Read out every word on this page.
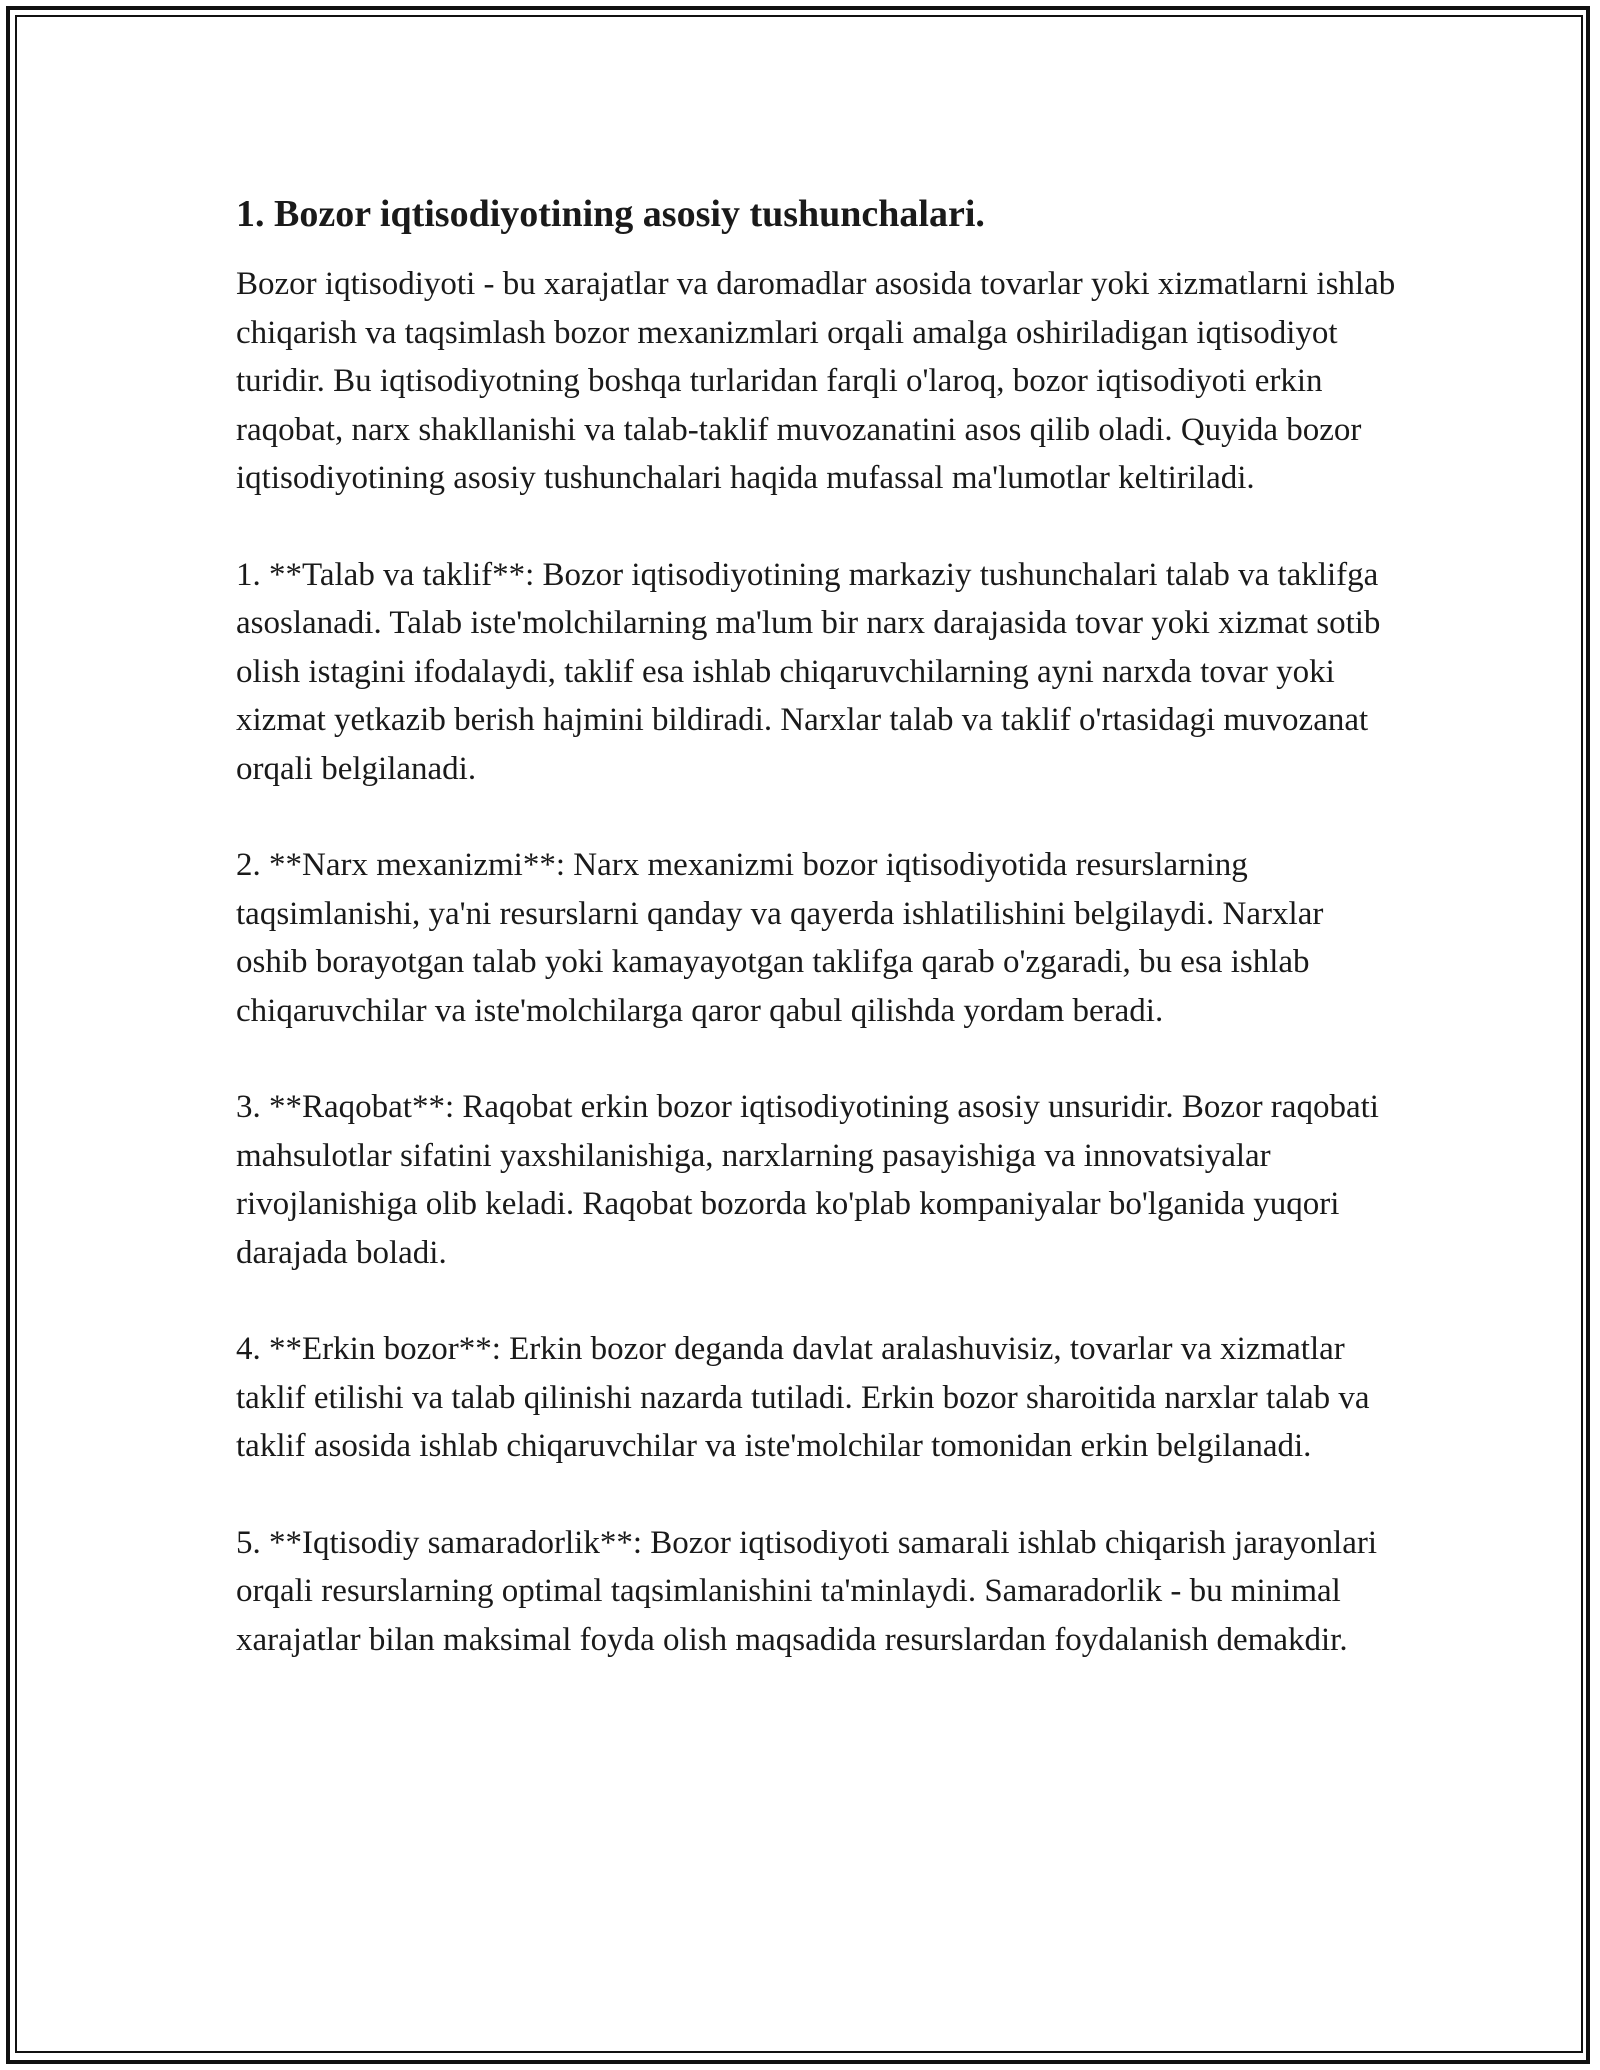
1. Bozor iqtisodiyotining asosiy tushunchalari.

Bozor iqtisodiyoti - bu xarajatlar va daromadlar asosida tovarlar yoki xizmatlarni ishlab chiqarish va taqsimlash bozor mexanizmlari orqali amalga oshiriladigan iqtisodiyot turidir. Bu iqtisodiyotning boshqa turlaridan farqli o'laroq, bozor iqtisodiyoti erkin raqobat, narx shakllanishi va talab-taklif muvozanatini asos qilib oladi. Quyida bozor iqtisodiyotining asosiy tushunchalari haqida mufassal ma'lumotlar keltiriladi.

1. **Talab va taklif**: Bozor iqtisodiyotining markaziy tushunchalari talab va taklifga asoslanadi. Talab iste'molchilarning ma'lum bir narx darajasida tovar yoki xizmat sotib olish istagini ifodalaydi, taklif esa ishlab chiqaruvchilarning ayni narxda tovar yoki xizmat yetkazib berish hajmini bildiradi. Narxlar talab va taklif o'rtasidagi muvozanat orqali belgilanadi.

2. **Narx mexanizmi**: Narx mexanizmi bozor iqtisodiyotida resurslarning taqsimlanishi, ya'ni resurslarni qanday va qayerda ishlatilishini belgilaydi. Narxlar oshib borayotgan talab yoki kamayayotgan taklifga qarab o'zgaradi, bu esa ishlab chiqaruvchilar va iste'molchilarga qaror qabul qilishda yordam beradi.

3. **Raqobat**: Raqobat erkin bozor iqtisodiyotining asosiy unsuridir. Bozor raqobati mahsulotlar sifatini yaxshilanishiga, narxlarning pasayishiga va innovatsiyalar rivojlanishiga olib keladi. Raqobat bozorda ko'plab kompaniyalar bo'lganida yuqori darajada boladi.

4. **Erkin bozor**: Erkin bozor deganda davlat aralashuvisiz, tovarlar va xizmatlar taklif etilishi va talab qilinishi nazarda tutiladi. Erkin bozor sharoitida narxlar talab va taklif asosida ishlab chiqaruvchilar va iste'molchilar tomonidan erkin belgilanadi.

5. **Iqtisodiy samaradorlik**: Bozor iqtisodiyoti samarali ishlab chiqarish jarayonlari orqali resurslarning optimal taqsimlanishini ta'minlaydi. Samaradorlik - bu minimal xarajatlar bilan maksimal foyda olish maqsadida resurslardan foydalanish demakdir.
